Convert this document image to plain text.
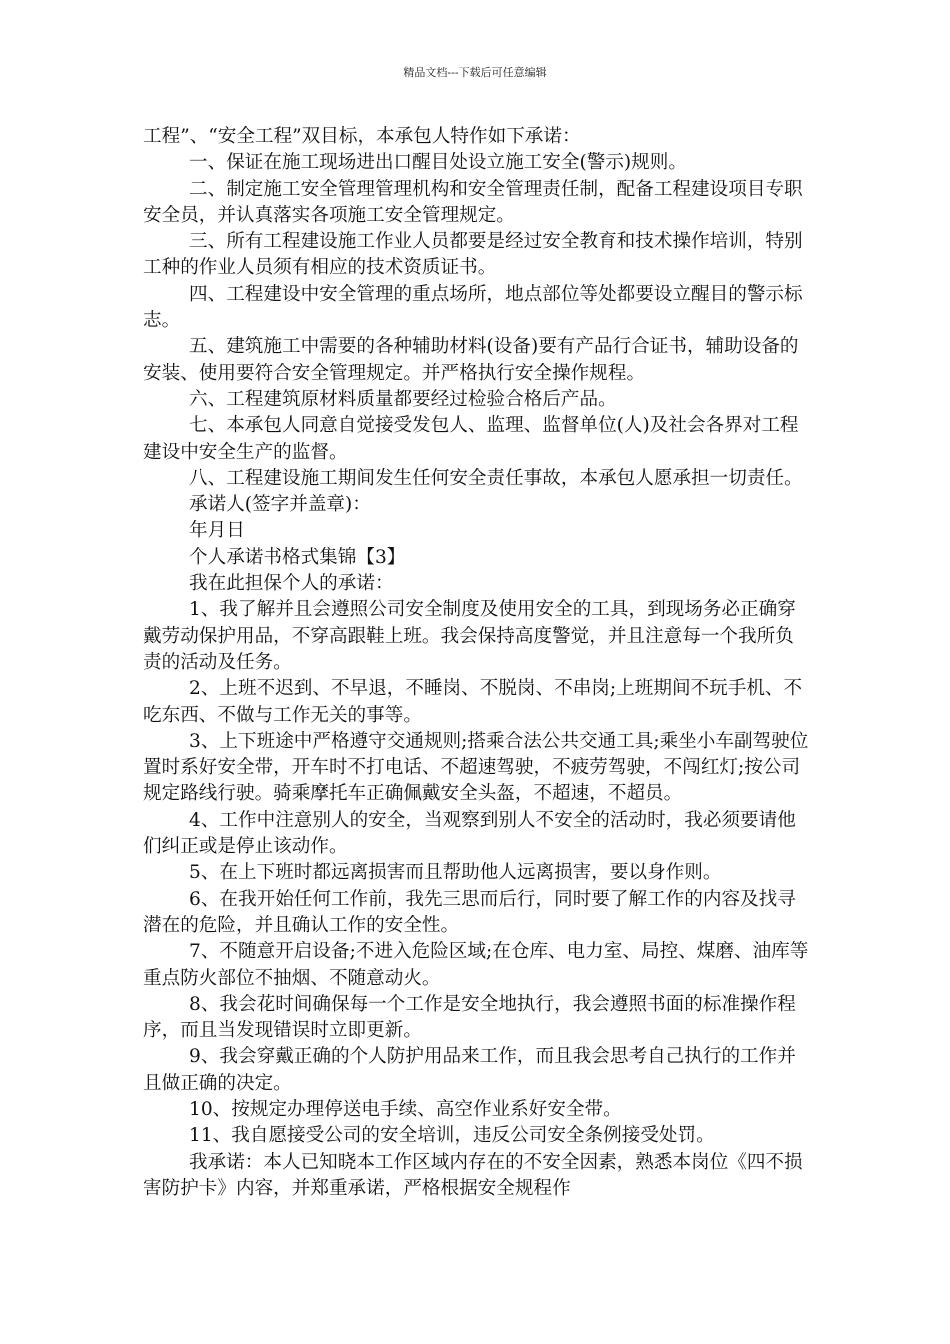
精品文档---下载后可任意编辑

工程”、“安全工程”双目标，本承包人特作如下承诺：

一、保证在施工现场进出口醒目处设立施工安全(警示)规则。

二、制定施工安全管理管理机构和安全管理责任制，配备工程建设项目专职安全员，并认真落实各项施工安全管理规定。

三、所有工程建设施工作业人员都要是经过安全教育和技术操作培训，特别工种的作业人员须有相应的技术资质证书。

四、工程建设中安全管理的重点场所，地点部位等处都要设立醒目的警示标志。

五、建筑施工中需要的各种辅助材料(设备)要有产品行合证书，辅助设备的安装、使用要符合安全管理规定。并严格执行安全操作规程。

六、工程建筑原材料质量都要经过检验合格后产品。

七、本承包人同意自觉接受发包人、监理、监督单位(人)及社会各界对工程建设中安全生产的监督。

八、工程建设施工期间发生任何安全责任事故，本承包人愿承担一切责任。

承诺人(签字并盖章)：

年月日

个人承诺书格式集锦【3】

我在此担保个人的承诺：

1、我了解并且会遵照公司安全制度及使用安全的工具，到现场务必正确穿戴劳动保护用品，不穿高跟鞋上班。我会保持高度警觉，并且注意每一个我所负责的活动及任务。

2、上班不迟到、不早退，不睡岗、不脱岗、不串岗;上班期间不玩手机、不吃东西、不做与工作无关的事等。

3、上下班途中严格遵守交通规则;搭乘合法公共交通工具;乘坐小车副驾驶位置时系好安全带，开车时不打电话、不超速驾驶，不疲劳驾驶，不闯红灯;按公司规定路线行驶。骑乘摩托车正确佩戴安全头盔，不超速，不超员。

4、工作中注意别人的安全，当观察到别人不安全的活动时，我必须要请他们纠正或是停止该动作。

5、在上下班时都远离损害而且帮助他人远离损害，要以身作则。

6、在我开始任何工作前，我先三思而后行，同时要了解工作的内容及找寻潜在的危险，并且确认工作的安全性。

7、不随意开启设备;不进入危险区域;在仓库、电力室、局控、煤磨、油库等重点防火部位不抽烟、不随意动火。

8、我会花时间确保每一个工作是安全地执行，我会遵照书面的标准操作程序，而且当发现错误时立即更新。

9、我会穿戴正确的个人防护用品来工作，而且我会思考自己执行的工作并且做正确的决定。

10、按规定办理停送电手续、高空作业系好安全带。

11、我自愿接受公司的安全培训，违反公司安全条例接受处罚。

我承诺：本人已知晓本工作区域内存在的不安全因素，熟悉本岗位《四不损害防护卡》内容，并郑重承诺，严格根据安全规程作
